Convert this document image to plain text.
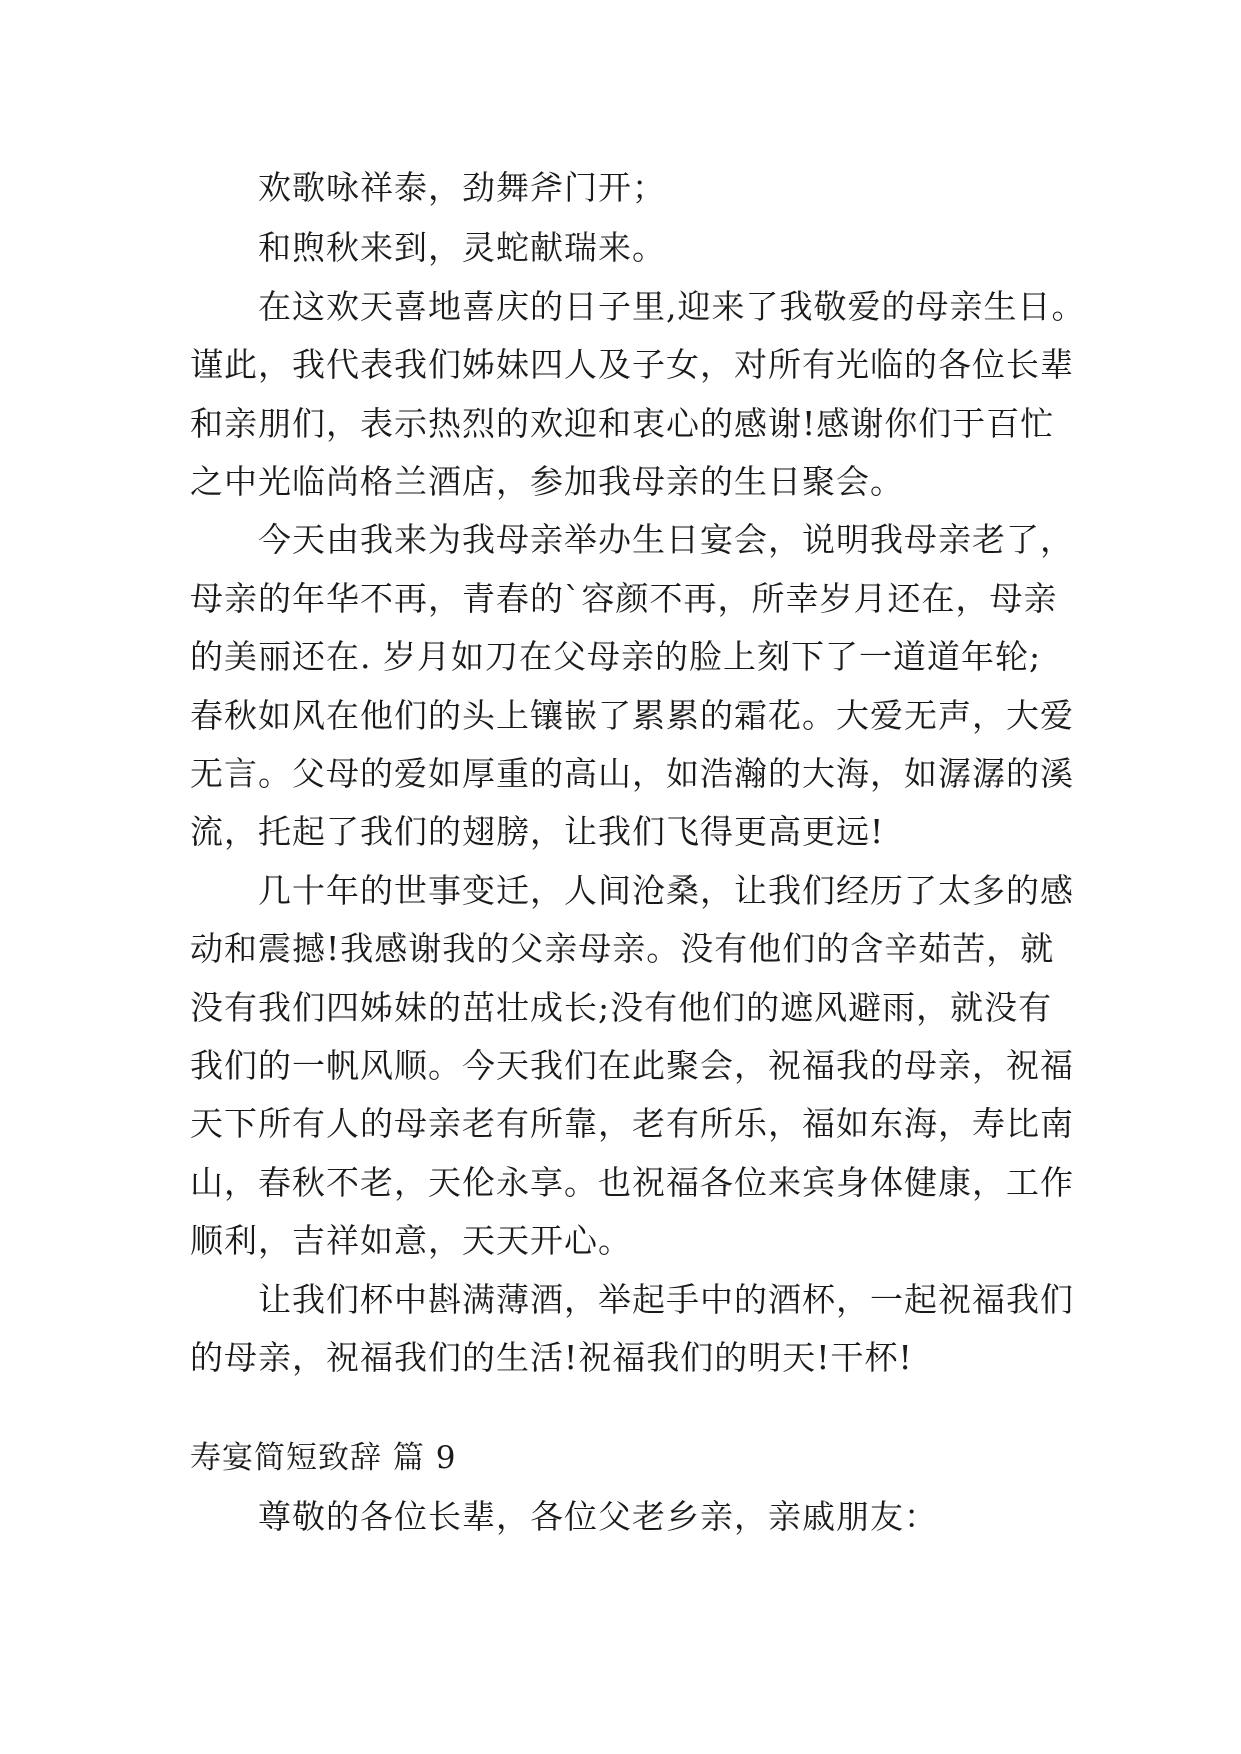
欢歌咏祥泰，劲舞斧门开；
和煦秋来到，灵蛇献瑞来。
在这欢天喜地喜庆的日子里,迎来了我敬爱的母亲生日。
谨此，我代表我们姊妹四人及子女，对所有光临的各位长辈
和亲朋们，表示热烈的欢迎和衷心的感谢!感谢你们于百忙
之中光临尚格兰酒店，参加我母亲的生日聚会。
今天由我来为我母亲举办生日宴会，说明我母亲老了，
母亲的年华不再，青春的`容颜不再，所幸岁月还在，母亲
的美丽还在. 岁月如刀在父母亲的脸上刻下了一道道年轮;
春秋如风在他们的头上镶嵌了累累的霜花。大爱无声，大爱
无言。父母的爱如厚重的高山，如浩瀚的大海，如潺潺的溪
流，托起了我们的翅膀，让我们飞得更高更远!
几十年的世事变迁，人间沧桑，让我们经历了太多的感
动和震撼!我感谢我的父亲母亲。没有他们的含辛茹苦，就
没有我们四姊妹的茁壮成长;没有他们的遮风避雨，就没有
我们的一帆风顺。今天我们在此聚会，祝福我的母亲，祝福
天下所有人的母亲老有所靠，老有所乐，福如东海，寿比南
山，春秋不老，天伦永享。也祝福各位来宾身体健康，工作
顺利，吉祥如意，天天开心。
让我们杯中斟满薄酒，举起手中的酒杯，一起祝福我们
的母亲，祝福我们的生活!祝福我们的明天!干杯!
寿宴简短致辞 篇 9
尊敬的各位长辈，各位父老乡亲，亲戚朋友：
